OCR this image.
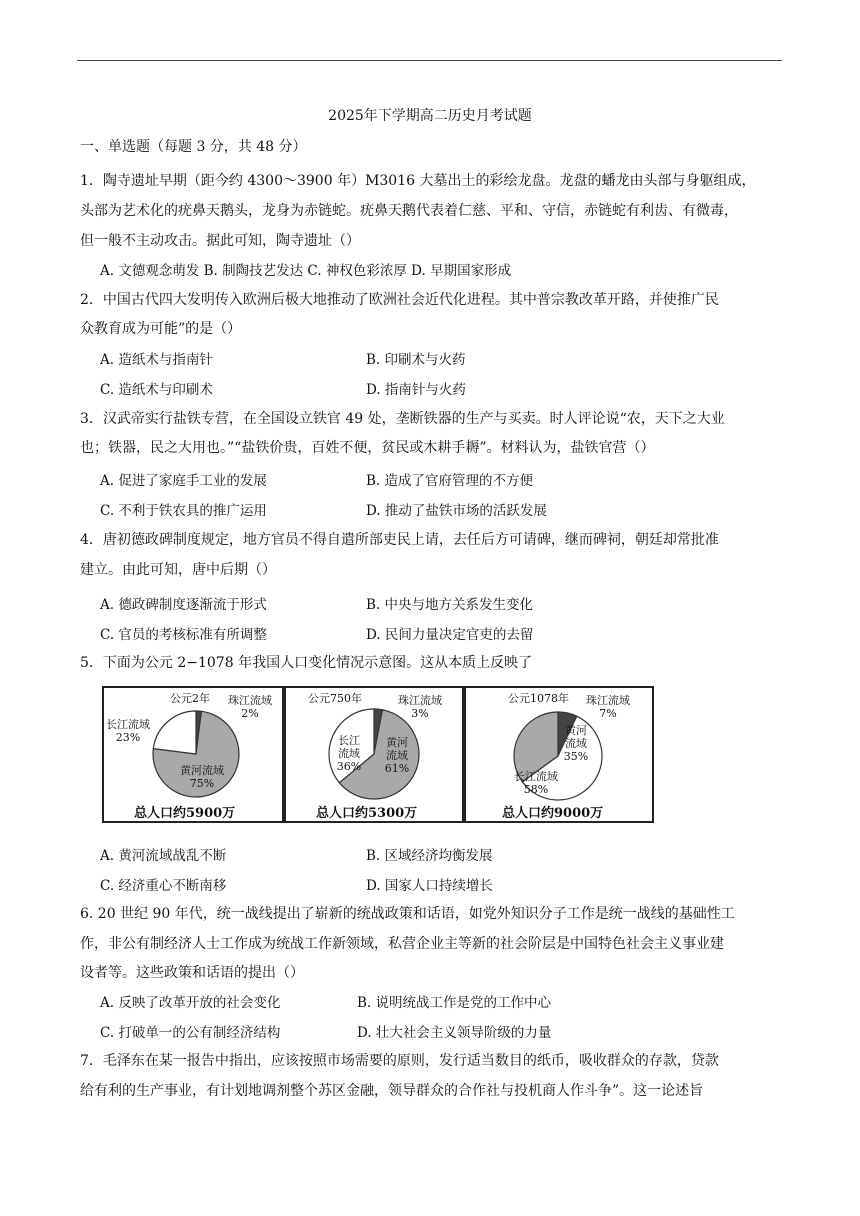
2025年下学期高二历史月考试题
一、单选题（每题 3 分，共 48 分）
1．陶寺遗址早期（距今约 4300～3900 年）M3016 大墓出土的彩绘龙盘。龙盘的蟠龙由头部与身躯组成，
头部为艺术化的疣鼻天鹅头，龙身为赤链蛇。疣鼻天鹅代表着仁慈、平和、守信，赤链蛇有利齿、有微毒，
但一般不主动攻击。据此可知，陶寺遗址（）
A. 文德观念萌发 B. 制陶技艺发达 C. 神权色彩浓厚 D. 早期国家形成
2．中国古代四大发明传入欧洲后极大地推动了欧洲社会近代化进程。其中普宗教改革开路，并使推广民
众教育成为可能”的是（）
A. 造纸术与指南针	B. 印刷术与火药
C. 造纸术与印刷术	D. 指南针与火药
3．汉武帝实行盐铁专营，在全国设立铁官 49 处，垄断铁器的生产与买卖。时人评论说“农，天下之大业
也；铁器，民之大用也。”“盐铁价贵，百姓不便，贫民或木耕手耨”。材料认为，盐铁官营（）
A. 促进了家庭手工业的发展	B. 造成了官府管理的不方便
C. 不利于铁农具的推广运用	D. 推动了盐铁市场的活跃发展
4．唐初德政碑制度规定，地方官员不得自遣所部吏民上请，去任后方可请碑，继而碑祠，朝廷却常批准
建立。由此可知，唐中后期（）
A. 德政碑制度逐渐流于形式	B. 中央与地方关系发生变化
C. 官员的考核标准有所调整	D. 民间力量决定官吏的去留
5．下面为公元 2−1078 年我国人口变化情况示意图。这从本质上反映了
公元2年 珠江流域
2%
长江流域
23%
黄河流域
75%
总人口约5900万
公元750年	珠江流域
3%
长江流域
36%
黄河流域
61%
总人口约5300万
公元1078年 珠江流域
7%
黄河流域
35%
长江流域
58%
总人口约9000万
A. 黄河流域战乱不断	B. 区域经济均衡发展
C. 经济重心不断南移	D. 国家人口持续增长
6. 20 世纪 90 年代，统一战线提出了崭新的统战政策和话语，如党外知识分子工作是统一战线的基础性工
作，非公有制经济人士工作成为统战工作新领域，私营企业主等新的社会阶层是中国特色社会主义事业建
设者等。这些政策和话语的提出（）
A. 反映了改革开放的社会变化	B. 说明统战工作是党的工作中心
C. 打破单一的公有制经济结构	D. 壮大社会主义领导阶级的力量
7．毛泽东在某一报告中指出，应该按照市场需要的原则，发行适当数目的纸币，吸收群众的存款，贷款
给有利的生产事业，有计划地调剂整个苏区金融，领导群众的合作社与投机商人作斗争”。这一论述旨
